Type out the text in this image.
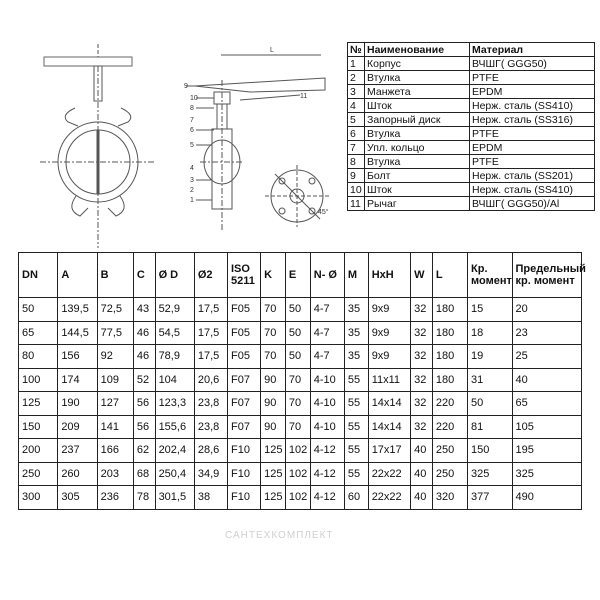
9
10
8
7
6
5
4
3
2
1
11
L
45°
№	Наименование	Материал
1	Корпус	ВЧШГ( GGG50)
2	Втулка	PTFE
3	Манжета	EPDM
4	Шток	Нерж. сталь (SS410)
5	Запорный диск	Нерж. сталь (SS316)
6	Втулка	PTFE
7	Упл. кольцо	EPDM
8	Втулка	PTFE
9	Болт	Нерж. сталь (SS201)
10	Шток	Нерж. сталь (SS410)
11	Рычаг	ВЧШГ( GGG50)/Al
DN	A	B	C	Ø D	Ø2	ISO 5211	K	E	N- Ø	M	HxH	W	L	Кр. момент	Предельный кр. момент
50	139,5	72,5	43	52,9	17,5	F05	70	50	4-7	35	9x9	32	180	15	20
65	144,5	77,5	46	54,5	17,5	F05	70	50	4-7	35	9x9	32	180	18	23
80	156	92	46	78,9	17,5	F05	70	50	4-7	35	9x9	32	180	19	25
100	174	109	52	104	20,6	F07	90	70	4-10	55	11x11	32	180	31	40
125	190	127	56	123,3	23,8	F07	90	70	4-10	55	14x14	32	220	50	65
150	209	141	56	155,6	23,8	F07	90	70	4-10	55	14x14	32	220	81	105
200	237	166	62	202,4	28,6	F10	125	102	4-12	55	17x17	40	250	150	195
250	260	203	68	250,4	34,9	F10	125	102	4-12	55	22x22	40	250	325	325
300	305	236	78	301,5	38	F10	125	102	4-12	60	22x22	40	320	377	490
САНТЕХКОМПЛЕКТ
